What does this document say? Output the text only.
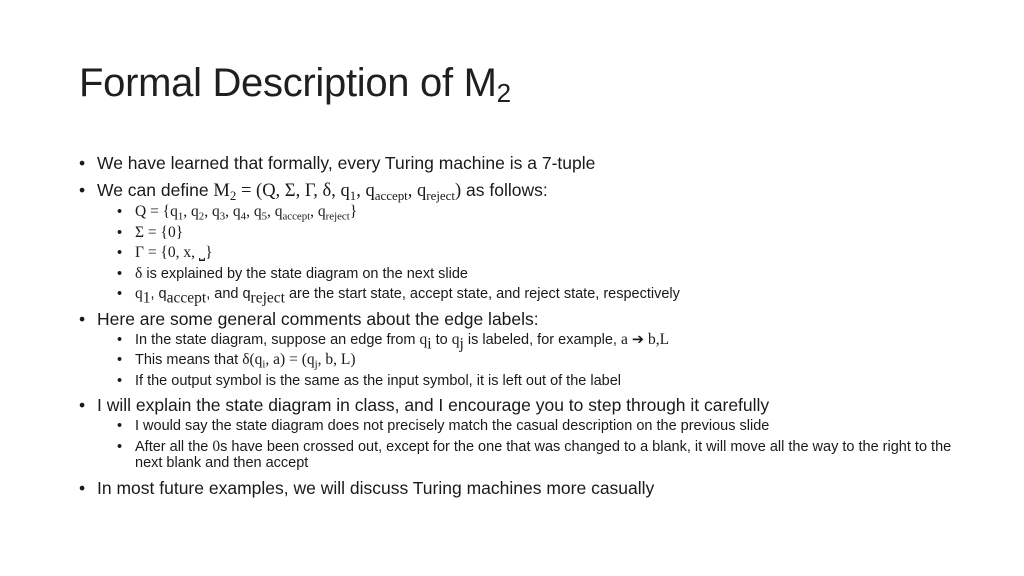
Formal Description of $M_2$
• We have learned that formally, every Turing machine is a 7-tuple
• We can define $M_2 = (Q$, Σ, Γ, δ, $q_1$, $q_{accept}$, $q_{reject}$) as follows:
• $Q = \{q_1$, $q_2$, $q_3$, $q_4$, $q_5$, $q_{accept}$, $q_{reject}$}
• Σ = {0}
• Γ = {0, x, ⎵}
• δ is explained by the state diagram on the next slide
• $q_1$, $q_{accept}$, and $q_{reject}$ are the start state, accept state, and reject state, respectively
• Here are some general comments about the edge labels:
• In the state diagram, suppose an edge from $q_i$ to $q_j$ is labeled, for example, a ➔ b,L
• This means that $\delta(q_i$, $a) = (q_j$, b, L)
• If the output symbol is the same as the input symbol, it is left out of the label
• I will explain the state diagram in class, and I encourage you to step through it carefully
• I would say the state diagram does not precisely match the casual description on the previous slide
• After all the 0s have been crossed out, except for the one that was changed to a blank, it will move all the way to the right to the next blank and then accept
• In most future examples, we will discuss Turing machines more casually
